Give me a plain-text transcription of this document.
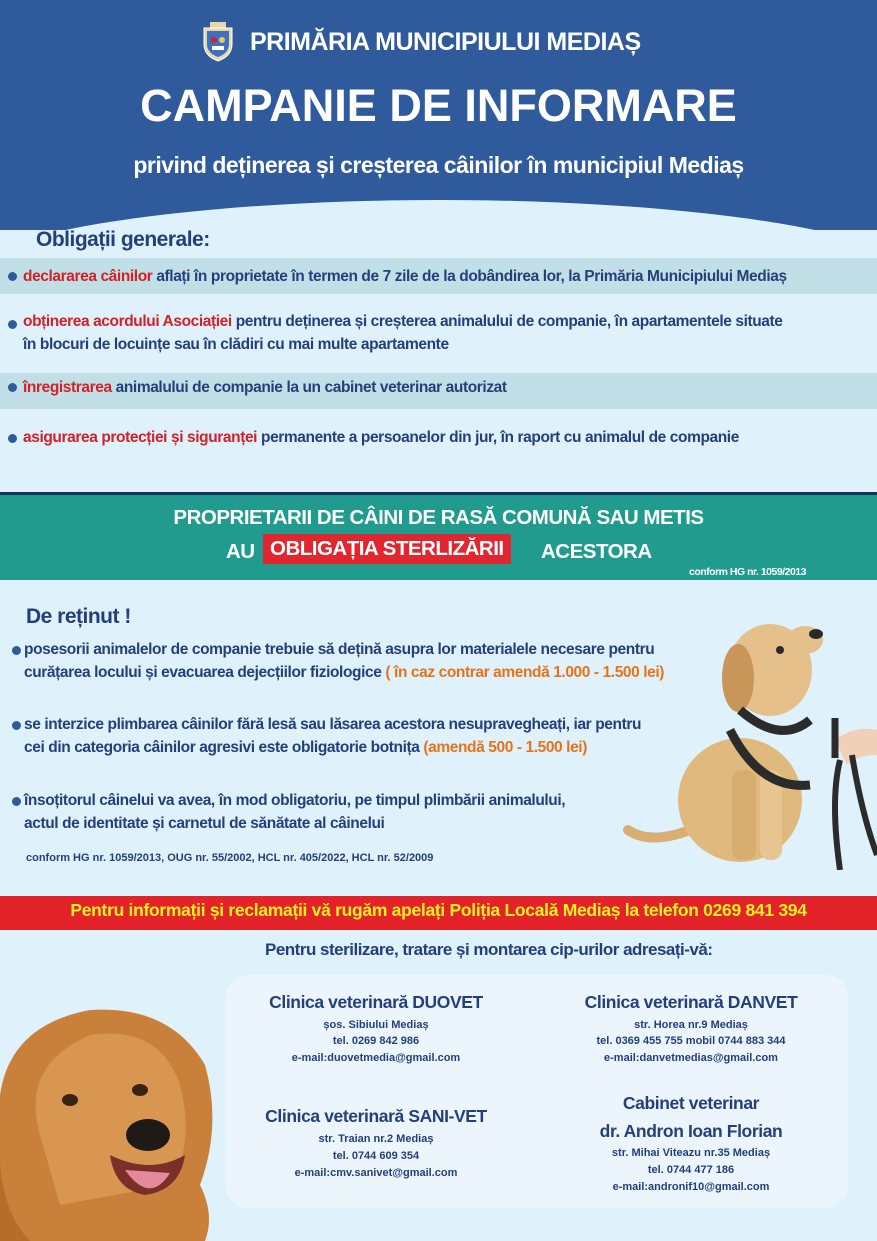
PRIMĂRIA MUNICIPIULUI MEDIAȘ
CAMPANIE DE INFORMARE
privind deținerea și creșterea câinilor în municipiul Mediaș
Obligații generale:
declararea câinilor aflați în proprietate în termen de 7 zile de la dobândirea lor, la Primăria Municipiului Mediaș
obținerea acordului Asociației pentru deținerea și creșterea animalului de companie, în apartamentele situate
în blocuri de locuințe sau în clădiri cu mai multe apartamente
înregistrarea animalului de companie la un cabinet veterinar autorizat
asigurarea protecției și siguranței permanente a persoanelor din jur, în raport cu animalul de companie
PROPRIETARII DE CÂINI DE RASĂ COMUNĂ SAU METIS
AU OBLIGAȚIA STERLIZĂRII	ACESTORA
conform HG nr. 1059/2013
De reținut !
posesorii animalelor de companie trebuie să dețină asupra lor materialele necesare pentru
curățarea locului și evacuarea dejecțiilor fiziologice ( în caz contrar amendă 1.000 - 1.500 lei)
se interzice plimbarea câinilor fără lesă sau lăsarea acestora nesupravegheați, iar pentru
cei din categoria câinilor agresivi este obligatorie botnița (amendă 500 - 1.500 lei)
însoțitorul câinelui va avea, în mod obligatoriu, pe timpul plimbării animalului,
actul de identitate și carnetul de sănătate al câinelui
conform HG nr. 1059/2013, OUG nr. 55/2002, HCL nr. 405/2022, HCL nr. 52/2009
Pentru informații și reclamații vă rugăm apelați Poliția Locală Mediaș la telefon 0269 841 394
Pentru sterilizare, tratare și montarea cip-urilor adresați-vă:
Clinica veterinară DUOVET
șos. Sibiului Mediaș
tel. 0269 842 986
e-mail:duovetmedia@gmail.com
Clinica veterinară DANVET
str. Horea nr.9 Mediaș
tel. 0369 455 755 mobil 0744 883 344
e-mail:danvetmedias@gmail.com
Clinica veterinară SANI-VET
str. Traian nr.2 Mediaș
tel. 0744 609 354
e-mail:cmv.sanivet@gmail.com
Cabinet veterinar
dr. Andron Ioan Florian
str. Mihai Viteazu nr.35 Mediaș
tel. 0744 477 186
e-mail:andronif10@gmail.com
